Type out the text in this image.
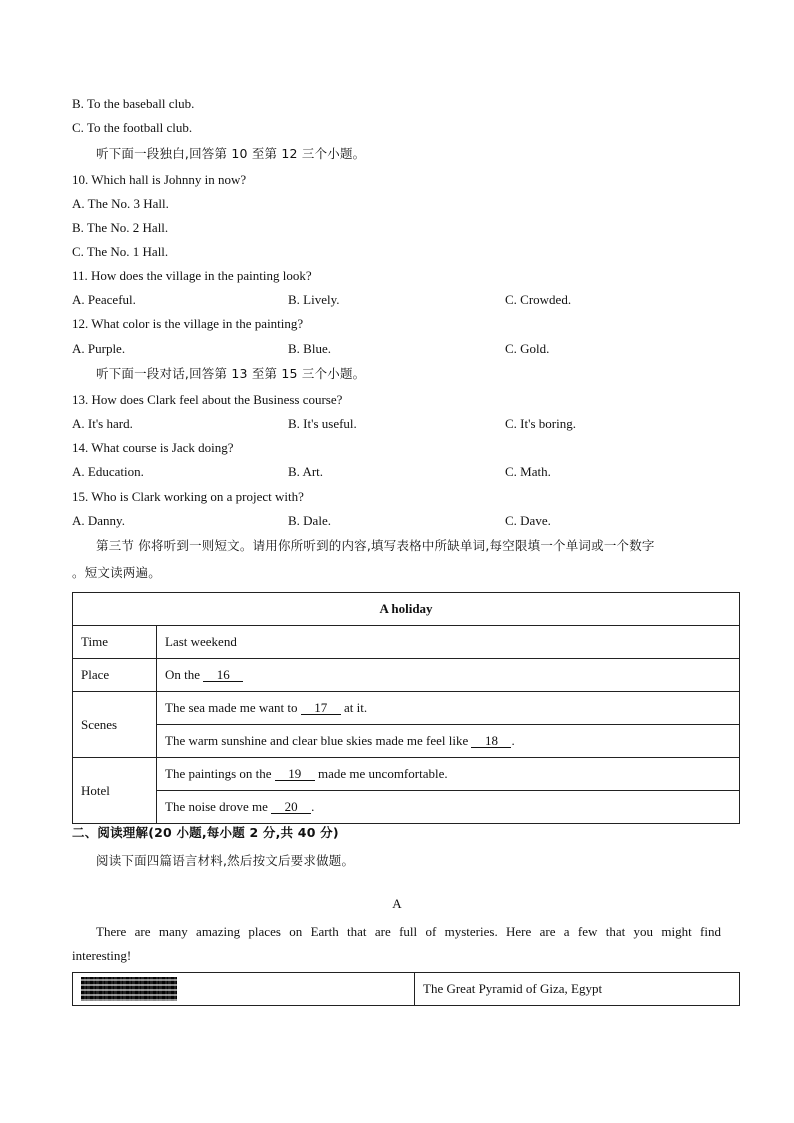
B. To the baseball club.
C. To the football club.
听下面一段独白,回答第 10 至第 12 三个小题。
10. Which hall is Johnny in now?
A. The No. 3 Hall.
B. The No. 2 Hall.
C. The No. 1 Hall.
11. How does the village in the painting look?
A. Peaceful.	B. Lively.	C. Crowded.
12. What color is the village in the painting?
A. Purple.	B. Blue.	C. Gold.
听下面一段对话,回答第 13 至第 15 三个小题。
13. How does Clark feel about the Business course?
A. It's hard.	B. It's useful.	C. It's boring.
14. What course is Jack doing?
A. Education.	B. Art.	C. Math.
15. Who is Clark working on a project with?
A. Danny.	B. Dale.	C. Dave.
第三节 你将听到一则短文。请用你所听到的内容,填写表格中所缺单词,每空限填一个单词或一个数字
。短文读两遍。
A holiday	
Time	Last weekend
Place	On the 16
Scenes	The sea made me want to 17 at it.
	The warm sunshine and clear blue skies made me feel like 18 .
Hotel	The paintings on the 19 made me uncomfortable.
	The noise drove me 20 .
二、阅读理解(20 小题,每小题 2 分,共 40 分)
阅读下面四篇语言材料,然后按文后要求做题。
A
There are many amazing places on Earth that are full of mysteries. Here are a few that you might find
interesting!
	The Great Pyramid of Giza, Egypt
